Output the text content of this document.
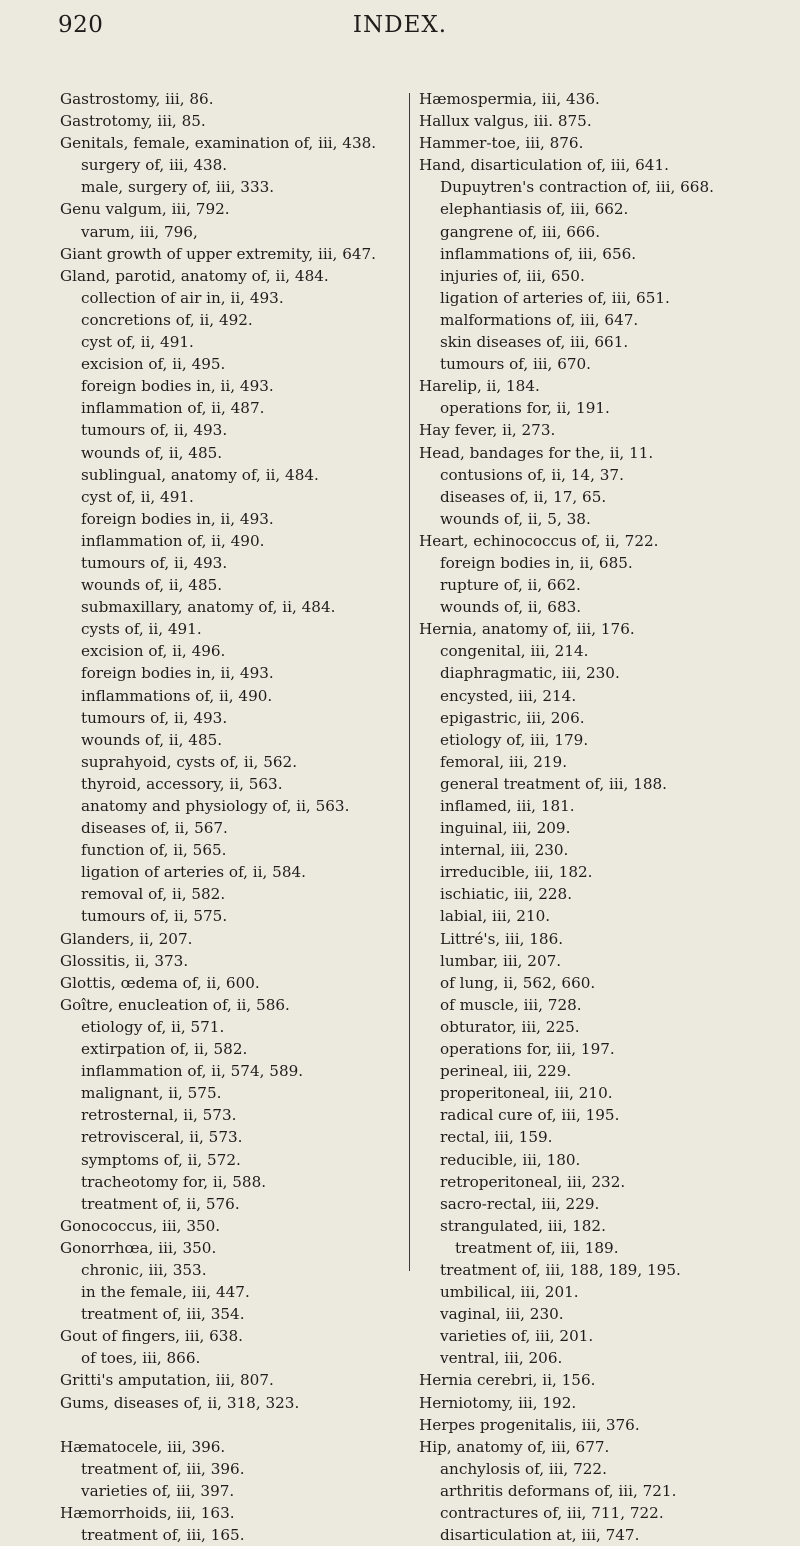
920	INDEX.
Gastrostomy, iii, 86.
Gastrotomy, iii, 85.
Genitals, female, examination of, iii, 438.
surgery of, iii, 438.
male, surgery of, iii, 333.
Genu valgum, iii, 792.
varum, iii, 796,
Giant growth of upper extremity, iii, 647.
Gland, parotid, anatomy of, ii, 484.
collection of air in, ii, 493.
concretions of, ii, 492.
cyst of, ii, 491.
excision of, ii, 495.
foreign bodies in, ii, 493.
inflammation of, ii, 487.
tumours of, ii, 493.
wounds of, ii, 485.
sublingual, anatomy of, ii, 484.
cyst of, ii, 491.
foreign bodies in, ii, 493.
inflammation of, ii, 490.
tumours of, ii, 493.
wounds of, ii, 485.
submaxillary, anatomy of, ii, 484.
cysts of, ii, 491.
excision of, ii, 496.
foreign bodies in, ii, 493.
inflammations of, ii, 490.
tumours of, ii, 493.
wounds of, ii, 485.
suprahyoid, cysts of, ii, 562.
thyroid, accessory, ii, 563.
anatomy and physiology of, ii, 563.
diseases of, ii, 567.
function of, ii, 565.
ligation of arteries of, ii, 584.
removal of, ii, 582.
tumours of, ii, 575.
Glanders, ii, 207.
Glossitis, ii, 373.
Glottis, œdema of, ii, 600.
Goître, enucleation of, ii, 586.
etiology of, ii, 571.
extirpation of, ii, 582.
inflammation of, ii, 574, 589.
malignant, ii, 575.
retrosternal, ii, 573.
retrovisceral, ii, 573.
symptoms of, ii, 572.
tracheotomy for, ii, 588.
treatment of, ii, 576.
Gonococcus, iii, 350.
Gonorrhœa, iii, 350.
chronic, iii, 353.
in the female, iii, 447.
treatment of, iii, 354.
Gout of fingers, iii, 638.
of toes, iii, 866.
Gritti's amputation, iii, 807.
Gums, diseases of, ii, 318, 323.
Hæmatocele, iii, 396.
treatment of, iii, 396.
varieties of, iii, 397.
Hæmorrhoids, iii, 163.
treatment of, iii, 165.
Hæmospermia, iii, 436.
Hallux valgus, iii. 875.
Hammer-toe, iii, 876.
Hand, disarticulation of, iii, 641.
Dupuytren's contraction of, iii, 668.
elephantiasis of, iii, 662.
gangrene of, iii, 666.
inflammations of, iii, 656.
injuries of, iii, 650.
ligation of arteries of, iii, 651.
malformations of, iii, 647.
skin diseases of, iii, 661.
tumours of, iii, 670.
Harelip, ii, 184.
operations for, ii, 191.
Hay fever, ii, 273.
Head, bandages for the, ii, 11.
contusions of, ii, 14, 37.
diseases of, ii, 17, 65.
wounds of, ii, 5, 38.
Heart, echinococcus of, ii, 722.
foreign bodies in, ii, 685.
rupture of, ii, 662.
wounds of, ii, 683.
Hernia, anatomy of, iii, 176.
congenital, iii, 214.
diaphragmatic, iii, 230.
encysted, iii, 214.
epigastric, iii, 206.
etiology of, iii, 179.
femoral, iii, 219.
general treatment of, iii, 188.
inflamed, iii, 181.
inguinal, iii, 209.
internal, iii, 230.
irreducible, iii, 182.
ischiatic, iii, 228.
labial, iii, 210.
Littré's, iii, 186.
lumbar, iii, 207.
of lung, ii, 562, 660.
of muscle, iii, 728.
obturator, iii, 225.
operations for, iii, 197.
perineal, iii, 229.
properitoneal, iii, 210.
radical cure of, iii, 195.
rectal, iii, 159.
reducible, iii, 180.
retroperitoneal, iii, 232.
sacro-rectal, iii, 229.
strangulated, iii, 182.
treatment of, iii, 189.
treatment of, iii, 188, 189, 195.
umbilical, iii, 201.
vaginal, iii, 230.
varieties of, iii, 201.
ventral, iii, 206.
Hernia cerebri, ii, 156.
Herniotomy, iii, 192.
Herpes progenitalis, iii, 376.
Hip, anatomy of, iii, 677.
anchylosis of, iii, 722.
arthritis deformans of, iii, 721.
contractures of, iii, 711, 722.
disarticulation at, iii, 747.
